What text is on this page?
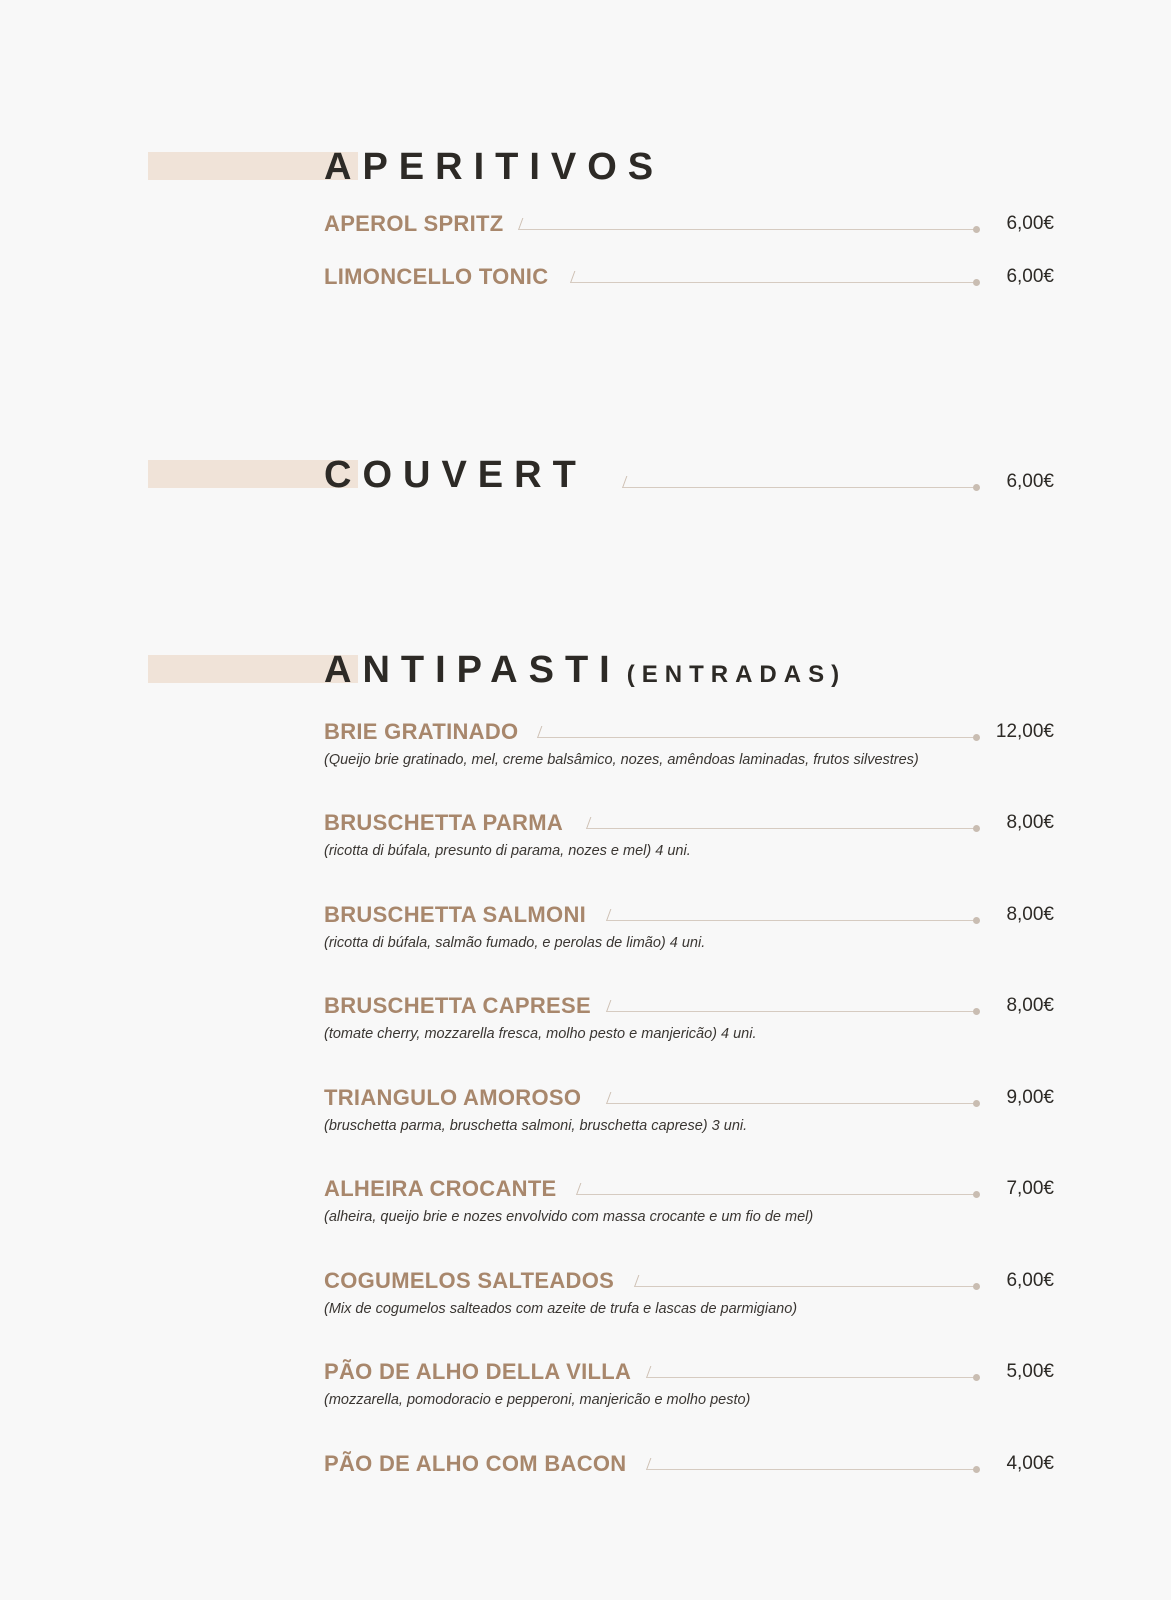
APERITIVOS
APEROL SPRITZ	6,00€
LIMONCELLO TONIC	6,00€
COUVERT	6,00€
ANTIPASTI (ENTRADAS)
BRIE GRATINADO	12,00€
(Queijo brie gratinado, mel, creme balsâmico, nozes, amêndoas laminadas, frutos silvestres)
BRUSCHETTA PARMA	8,00€
(ricotta di búfala, presunto di parama, nozes e mel) 4 uni.
BRUSCHETTA SALMONI	8,00€
(ricotta di búfala, salmão fumado, e perolas de limão) 4 uni.
BRUSCHETTA CAPRESE	8,00€
(tomate cherry, mozzarella fresca, molho pesto e manjericão) 4 uni.
TRIANGULO AMOROSO	9,00€
(bruschetta parma, bruschetta salmoni, bruschetta caprese) 3 uni.
ALHEIRA CROCANTE	7,00€
(alheira, queijo brie e nozes envolvido com massa crocante e um fio de mel)
COGUMELOS SALTEADOS	6,00€
(Mix de cogumelos salteados com azeite de trufa e lascas de parmigiano)
PÃO DE ALHO DELLA VILLA	5,00€
(mozzarella, pomodoracio e pepperoni, manjericão e molho pesto)
PÃO DE ALHO COM BACON	4,00€
